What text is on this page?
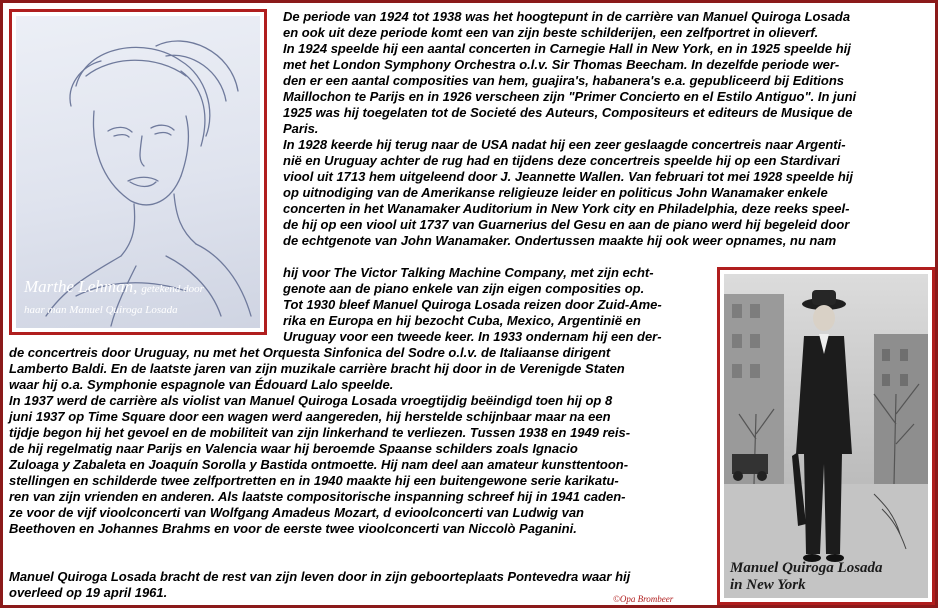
Marthe Lehman, getekend door
haar man Manuel Quiroga Losada

De periode van 1924 tot 1938 was het hoogtepunt in de carrière van Manuel Quiroga Losada

en ook uit deze periode komt een van zijn beste schilderijen, een zelfportret in olieverf.

In 1924 speelde hij een aantal concerten in Carnegie Hall in New York, en in 1925 speelde hij

met het London Symphony Orchestra o.l.v. Sir Thomas Beecham. In dezelfde periode wer-

den er een aantal composities van hem, guajira's, habanera's e.a. gepubliceerd bij Editions

Maillochon te Parijs en in 1926 verscheen zijn "Primer Concierto en el Estilo Antiguo". In juni

1925 was hij toegelaten tot de Societé des Auteurs, Compositeurs et editeurs de Musique de

Paris.

In 1928 keerde hij terug naar de USA nadat hij een zeer geslaagde concertreis naar Argenti-

nië en Uruguay achter de rug had en tijdens deze concertreis speelde hij op een Stardivari

viool uit 1713 hem uitgeleend door J. Jeannette Wallen. Van februari tot mei 1928 speelde hij

op uitnodiging van de Amerikanse religieuze leider en politicus John Wanamaker enkele

concerten in het Wanamaker Auditorium in New York city en Philadelphia, deze reeks speel-

de hij op een viool uit 1737 van Guarnerius del Gesu en aan de piano werd hij begeleid door

de echtgenote van John Wanamaker. Ondertussen maakte hij ook weer opnames, nu nam

hij voor The Victor Talking Machine Company, met zijn echt-

genote aan de piano enkele van zijn eigen composities op.

Tot 1930 bleef Manuel Quiroga Losada reizen door Zuid-Ame-

rika en Europa en hij bezocht Cuba, Mexico, Argentinië en

Uruguay voor een tweede keer. In 1933 ondernam hij een der-

de concertreis door Uruguay, nu met het Orquesta Sinfonica del Sodre o.l.v. de Italiaanse dirigent

Lamberto Baldi. En de laatste jaren van zijn muzikale carrière bracht hij door in de Verenigde Staten

waar hij o.a. Symphonie espagnole van Édouard Lalo speelde.

In 1937 werd de carrière als violist van Manuel Quiroga Losada vroegtijdig beëindigd toen hij op 8

juni 1937 op Time Square door een wagen werd aangereden, hij herstelde schijnbaar maar na een

tijdje begon hij het gevoel en de mobiliteit van zijn linkerhand te verliezen. Tussen 1938 en 1949 reis-

de hij regelmatig naar Parijs en Valencia waar hij beroemde Spaanse schilders zoals Ignacio

Zuloaga y Zabaleta en Joaquín Sorolla y Bastida ontmoette. Hij nam deel aan amateur kunsttentoon-

stellingen en schilderde twee zelfportretten en in 1940 maakte hij een buitengewone serie karikatu-

ren van zijn vrienden en anderen. Als laatste compositorische inspanning schreef hij in 1941 caden-

ze voor de vijf vioolconcerti van Wolfgang Amadeus Mozart, d evioolconcerti van Ludwig van

Beethoven en Johannes Brahms en voor de eerste twee vioolconcerti van Niccolò Paganini.

Manuel Quiroga Losada bracht de rest van zijn leven door in zijn geboorteplaats Pontevedra waar hij

overleed op 19 april 1961.	©Opa Brombeer
Manuel Quiroga Losada
in New York
